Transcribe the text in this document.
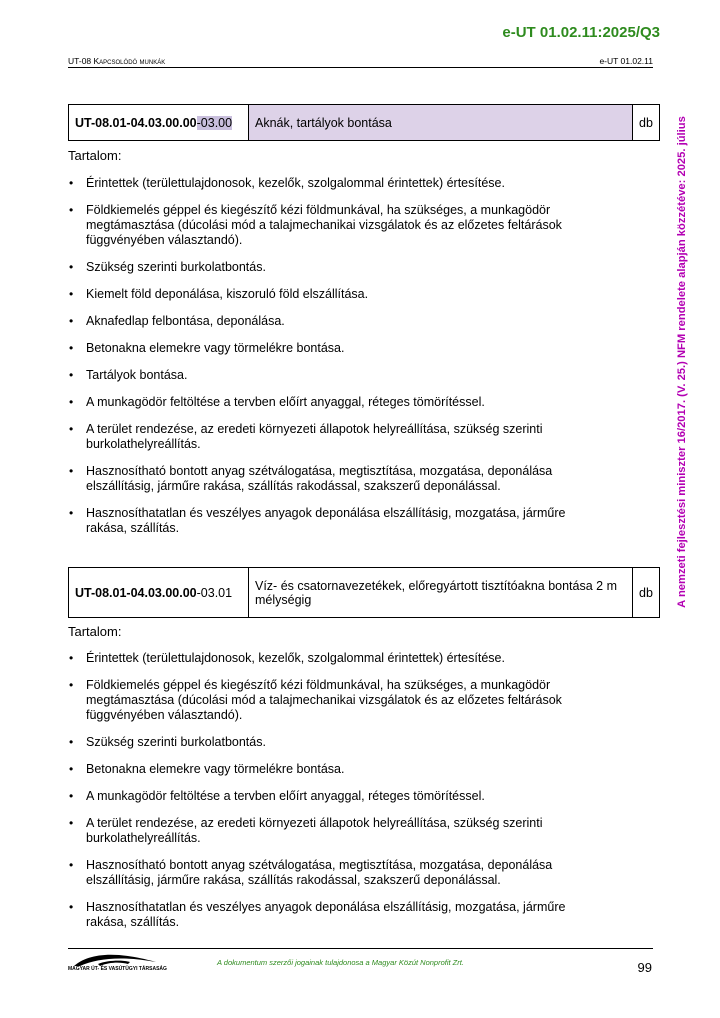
e-UT 01.02.11:2025/Q3
UT-08 Kapcsolódó munkák	e-UT 01.02.11
A nemzeti fejlesztési miniszter 16/2017. (V. 25.) NFM rendelete alapján közzétéve: 2025. július
UT-08.01-04.03.00.00-03.00	Aknák, tartályok bontása	db
Tartalom:
• Érintettek (területtulajdonosok, kezelők, szolgalommal érintettek) értesítése.
• Földkiemelés géppel és kiegészítő kézi földmunkával, ha szükséges, a munkagödör megtámasztása (dúcolási mód a talajmechanikai vizsgálatok és az előzetes feltárások függvényében választandó).
• Szükség szerinti burkolatbontás.
• Kiemelt föld deponálása, kiszoruló föld elszállítása.
• Aknafedlap felbontása, deponálása.
• Betonakna elemekre vagy törmelékre bontása.
• Tartályok bontása.
• A munkagödör feltöltése a tervben előírt anyaggal, réteges tömörítéssel.
• A terület rendezése, az eredeti környezeti állapotok helyreállítása, szükség szerinti burkolathelyreállítás.
• Hasznosítható bontott anyag szétválogatása, megtisztítása, mozgatása, deponálása elszállításig, járműre rakása, szállítás rakodással, szakszerű deponálással.
• Hasznosíthatatlan és veszélyes anyagok deponálása elszállításig, mozgatása, járműre rakása, szállítás.
UT-08.01-04.03.00.00-03.01	Víz- és csatornavezetékek, előregyártott tisztítóakna bontása 2 m mélységig	db
Tartalom:
• Érintettek (területtulajdonosok, kezelők, szolgalommal érintettek) értesítése.
• Földkiemelés géppel és kiegészítő kézi földmunkával, ha szükséges, a munkagödör megtámasztása (dúcolási mód a talajmechanikai vizsgálatok és az előzetes feltárások függvényében választandó).
• Szükség szerinti burkolatbontás.
• Betonakna elemekre vagy törmelékre bontása.
• A munkagödör feltöltése a tervben előírt anyaggal, réteges tömörítéssel.
• A terület rendezése, az eredeti környezeti állapotok helyreállítása, szükség szerinti burkolathelyreállítás.
• Hasznosítható bontott anyag szétválogatása, megtisztítása, mozgatása, deponálása elszállításig, járműre rakása, szállítás rakodással, szakszerű deponálással.
• Hasznosíthatatlan és veszélyes anyagok deponálása elszállításig, mozgatása, járműre rakása, szállítás.
MAGYAR ÚT- ÉS VASÚTÜGYI TÁRSASÁG
A dokumentum szerzői jogainak tulajdonosa a Magyar Közút Nonprofit Zrt.	99
